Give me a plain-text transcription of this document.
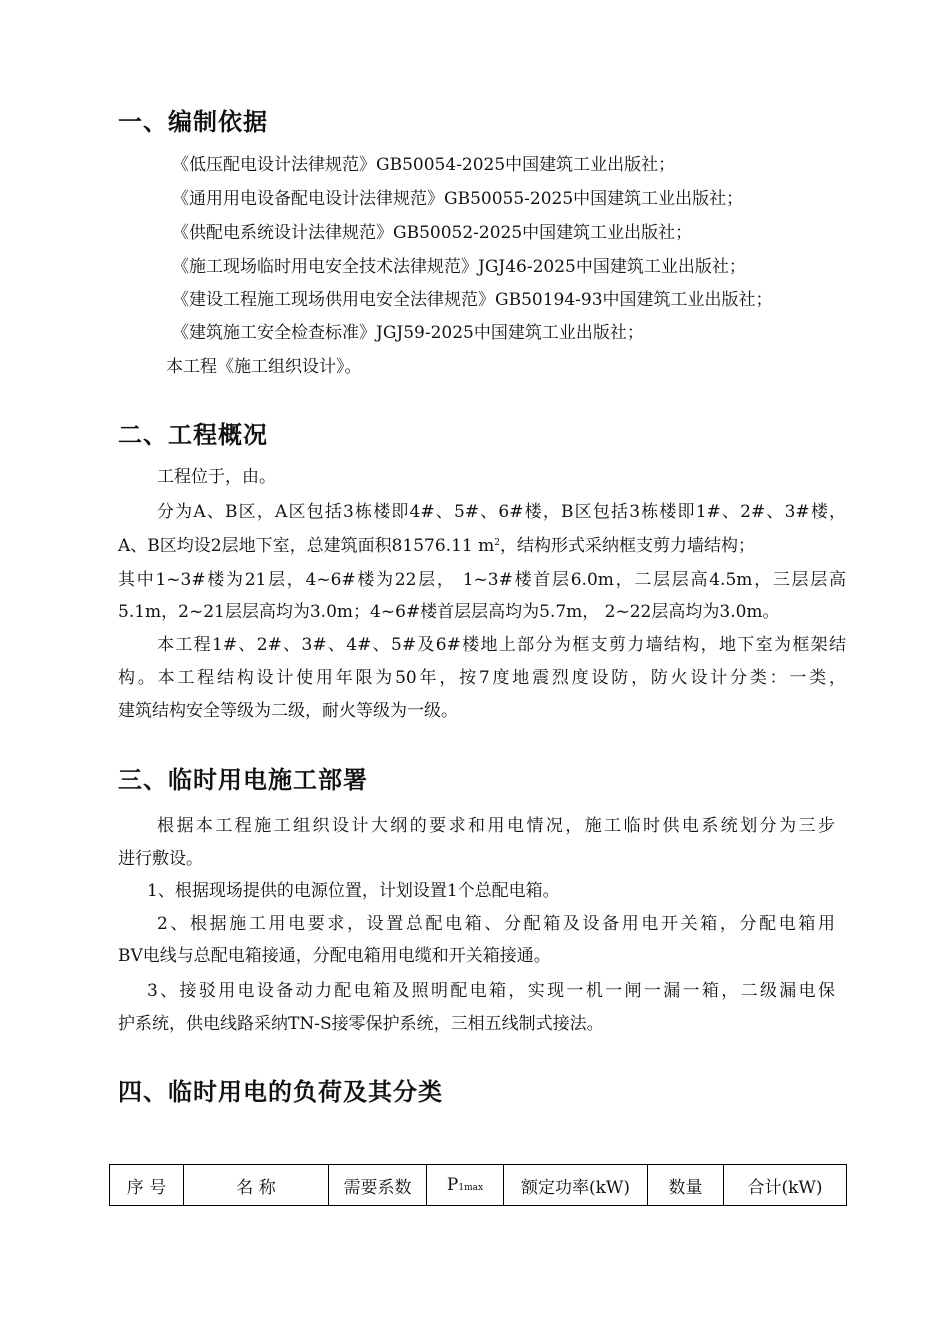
一、编制依据

《低压配电设计法律规范》GB50054-2025中国建筑工业出版社；

《通用用电设备配电设计法律规范》GB50055-2025中国建筑工业出版社；

《供配电系统设计法律规范》GB50052-2025中国建筑工业出版社；

《施工现场临时用电安全技术法律规范》JGJ46-2025中国建筑工业出版社；

《建设工程施工现场供用电安全法律规范》GB50194-93中国建筑工业出版社；

《建筑施工安全检查标准》JGJ59-2025中国建筑工业出版社；

本工程《施工组织设计》。

二、工程概况

工程位于，由。

分为A、B区，A区包括3栋楼即4#、5#、6#楼，B区包括3栋楼即1#、2#、3#楼，

A、B区均设2层地下室，总建筑面积81576.11 $m^2$，结构形式采纳框支剪力墙结构；

其中1~3#楼为21层，4~6#楼为22层， 1~3#楼首层6.0m，二层层高4.5m，三层层高

5.1m，2~21层层高均为3.0m；4~6#楼首层层高均为5.7m， 2~22层高均为3.0m。

本工程1#、2#、3#、4#、5#及6#楼地上部分为框支剪力墙结构，地下室为框架结

构。本工程结构设计使用年限为50年，按7度地震烈度设防，防火设计分类：一类，

建筑结构安全等级为二级，耐火等级为一级。

三、临时用电施工部署

根据本工程施工组织设计大纲的要求和用电情况，施工临时供电系统划分为三步

进行敷设。

1、根据现场提供的电源位置，计划设置1个总配电箱。

2、根据施工用电要求，设置总配电箱、分配箱及设备用电开关箱，分配电箱用

BV电线与总配电箱接通，分配电箱用电缆和开关箱接通。

3、接驳用电设备动力配电箱及照明配电箱，实现一机一闸一漏一箱，二级漏电保

护系统，供电线路采纳TN-S接零保护系统，三相五线制式接法。

四、临时用电的负荷及其分类
序 号	名 称	需要系数	P1max	额定功率(kW)	数量	合计(kW)
